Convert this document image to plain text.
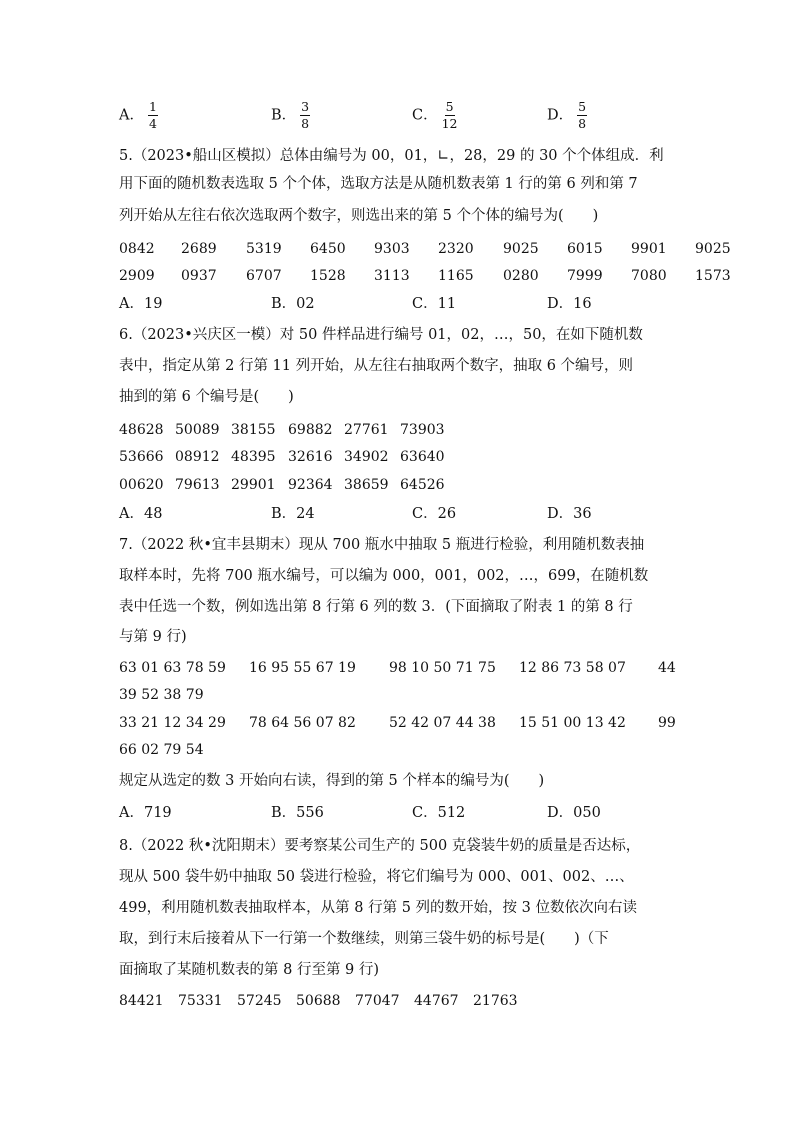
A． $\frac{1}{4}$	B． $\frac{3}{8}$	C． $\frac{5}{12}$	D． $\frac{5}{8}$
5.（2023•船山区模拟）总体由编号为 00，01，∟，28，29 的 30 个个体组成．利
用下面的随机数表选取 5 个个体，选取方法是从随机数表第 1 行的第 6 列和第 7
列开始从左往右依次选取两个数字，则选出来的第 5 个个体的编号为(　　)
0842 2689 5319 6450 9303 2320 9025 6015 9901 9025
2909 0937 6707 1528 3113 1165 0280 7999 7080 1573
A．19	B．02	C．11	D．16
6.（2023•兴庆区一模）对 50 件样品进行编号 01，02，…，50，在如下随机数
表中，指定从第 2 行第 11 列开始，从左往右抽取两个数字，抽取 6 个编号，则
抽到的第 6 个编号是(　　)
48628 50089 38155 69882 27761 73903
53666 08912 48395 32616 34902 63640
00620 79613 29901 92364 38659 64526
A．48	B．24	C．26	D．36
7.（2022 秋•宜丰县期末）现从 700 瓶水中抽取 5 瓶进行检验，利用随机数表抽
取样本时，先将 700 瓶水编号，可以编为 000，001，002，…，699，在随机数
表中任选一个数，例如选出第 8 行第 6 列的数 3．(下面摘取了附表 1 的第 8 行
与第 9 行)
63 01 63 78 59 16 95 55 67 19 98 10 50 71 75 12 86 73 58 07 44
39 52 38 79
33 21 12 34 29 78 64 56 07 82 52 42 07 44 38 15 51 00 13 42 99
66 02 79 54
规定从选定的数 3 开始向右读，得到的第 5 个样本的编号为(　　)
A．719	B．556	C．512	D．050
8.（2022 秋•沈阳期末）要考察某公司生产的 500 克袋装牛奶的质量是否达标，
现从 500 袋牛奶中抽取 50 袋进行检验，将它们编号为 000、001、002、…、
499，利用随机数表抽取样本，从第 8 行第 5 列的数开始，按 3 位数依次向右读
取，到行末后接着从下一行第一个数继续，则第三袋牛奶的标号是(　　)（下
面摘取了某随机数表的第 8 行至第 9 行)
84421 75331 57245 50688 77047 44767 21763
